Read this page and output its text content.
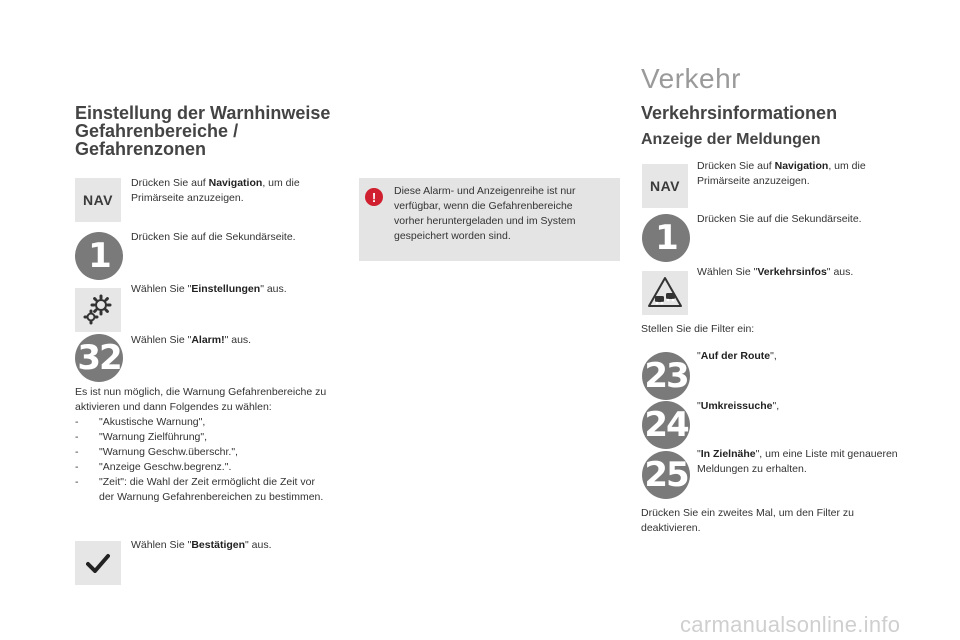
Einstellung der Warnhinweise
Gefahrenbereiche /
Gefahrenzonen
NAV
Drücken Sie auf Navigation, um die
Primärseite anzuzeigen.
1 Drücken Sie auf die Sekundärseite.
Wählen Sie "Einstellungen" aus.
32 Wählen Sie "Alarm!" aus.
Es ist nun möglich, die Warnung Gefahrenbereiche zu
aktivieren und dann Folgendes zu wählen:
- "Akustische Warnung",
- "Warnung Zielführung",
- "Warnung Geschw.überschr.",
- "Anzeige Geschw.begrenz.".
- "Zeit": die Wahl der Zeit ermöglicht die Zeit vor
der Warnung Gefahrenbereichen zu bestimmen.
Wählen Sie "Bestätigen" aus.
! Diese Alarm- und Anzeigenreihe ist nur
verfügbar, wenn die Gefahrenbereiche
vorher heruntergeladen und im System
gespeichert worden sind.
Verkehr
Verkehrsinformationen
Anzeige der Meldungen
NAV
Drücken Sie auf Navigation, um die
Primärseite anzuzeigen.
1 Drücken Sie auf die Sekundärseite.
Wählen Sie "Verkehrsinfos" aus.
Stellen Sie die Filter ein:
23 "Auf der Route",
24 "Umkreissuche",
25
"In Zielnähe", um eine Liste mit genaueren
Meldungen zu erhalten.
Drücken Sie ein zweites Mal, um den Filter zu
deaktivieren.
carmanualsonline.info
